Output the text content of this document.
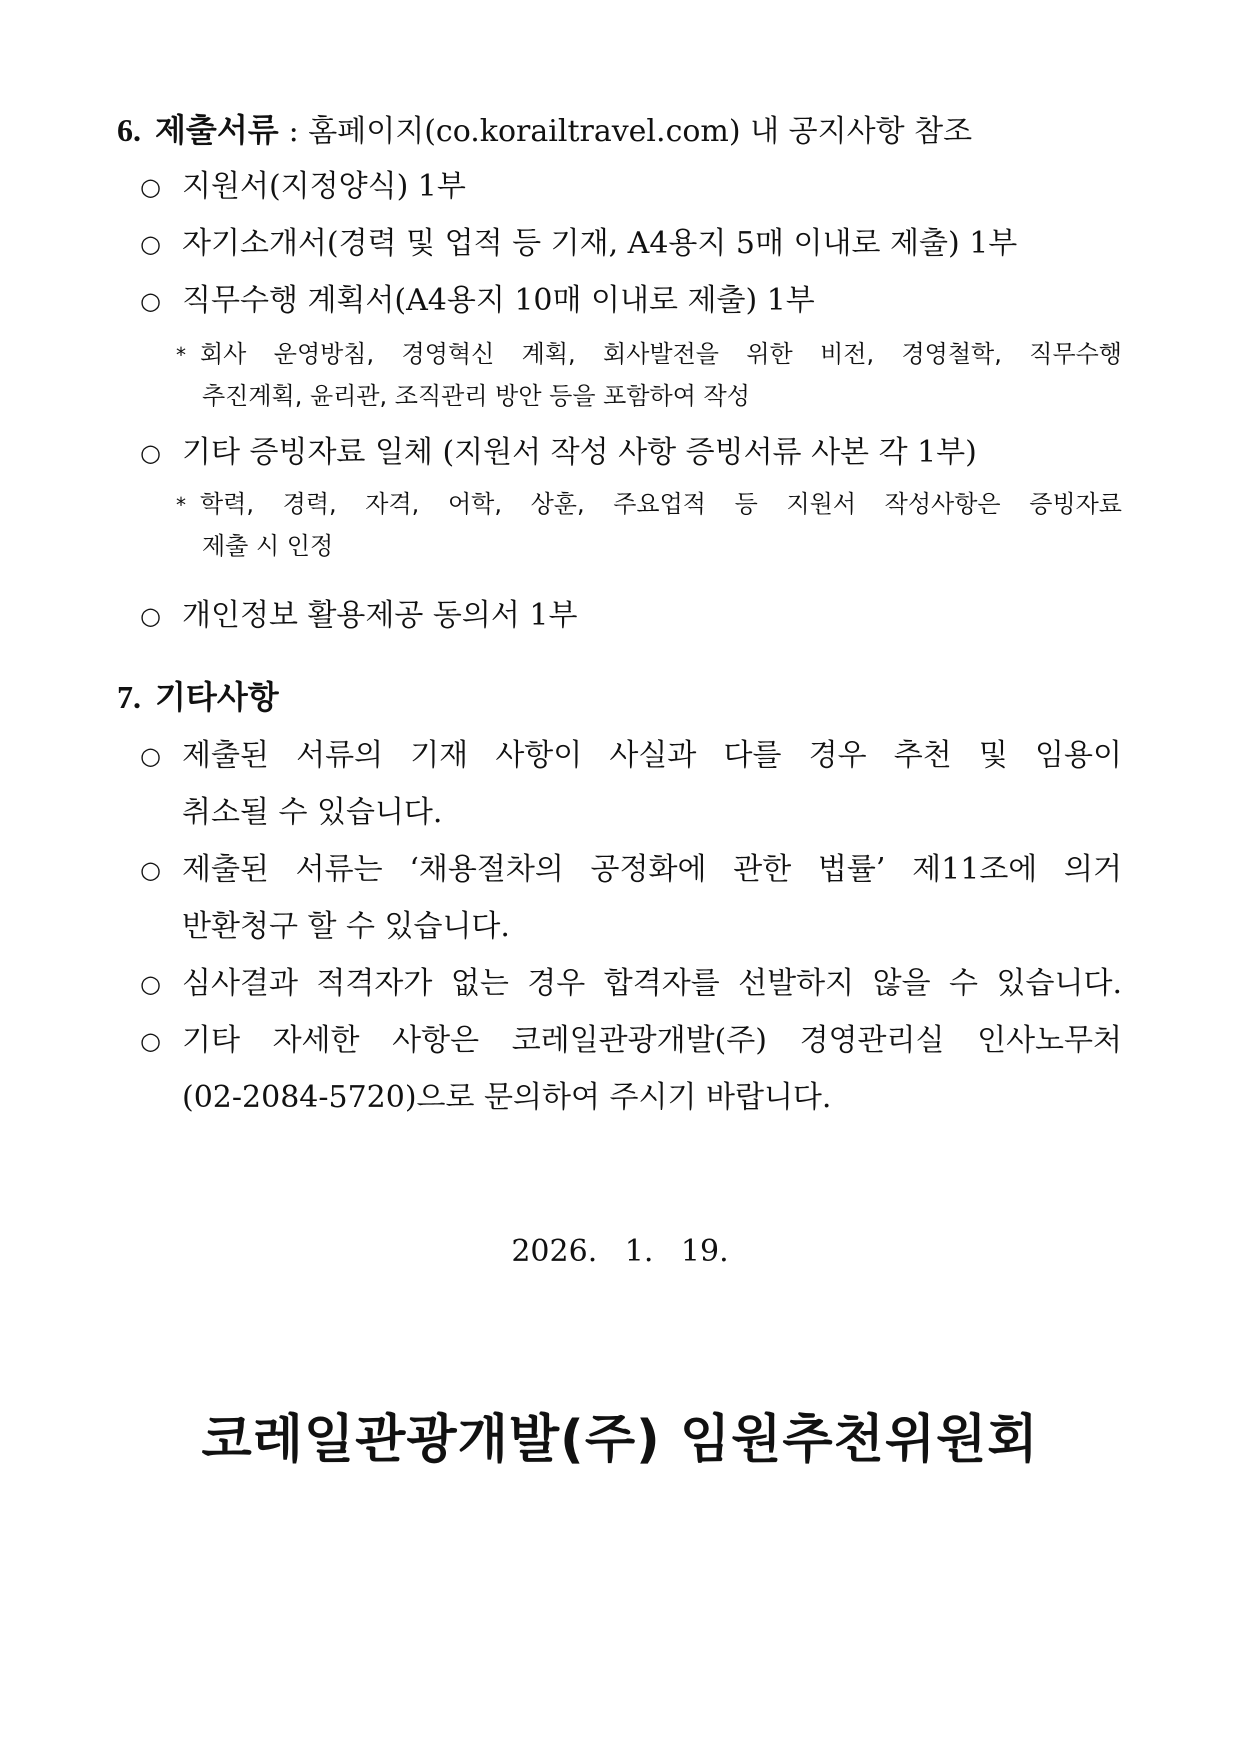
6. 제출서류 : 홈페이지(co.korailtravel.com) 내 공지사항 참조
○ 지원서(지정양식) 1부
○ 자기소개서(경력 및 업적 등 기재, A4용지 5매 이내로 제출) 1부
○ 직무수행 계획서(A4용지 10매 이내로 제출) 1부
* 회사 운영방침, 경영혁신 계획, 회사발전을 위한 비전, 경영철학, 직무수행
추진계획, 윤리관, 조직관리 방안 등을 포함하여 작성
○ 기타 증빙자료 일체 (지원서 작성 사항 증빙서류 사본 각 1부)
* 학력, 경력, 자격, 어학, 상훈, 주요업적 등 지원서 작성사항은 증빙자료
제출 시 인정
○ 개인정보 활용제공 동의서 1부
7. 기타사항
○ 제출된 서류의 기재 사항이 사실과 다를 경우 추천 및 임용이
취소될 수 있습니다.
○ 제출된 서류는 ‘채용절차의 공정화에 관한 법률’ 제11조에 의거
반환청구 할 수 있습니다.
○ 심사결과 적격자가 없는 경우 합격자를 선발하지 않을 수 있습니다.
○ 기타 자세한 사항은 코레일관광개발(주) 경영관리실 인사노무처
(02-2084-5720)으로 문의하여 주시기 바랍니다.
2026. 1. 19.
코레일관광개발(주) 임원추천위원회
